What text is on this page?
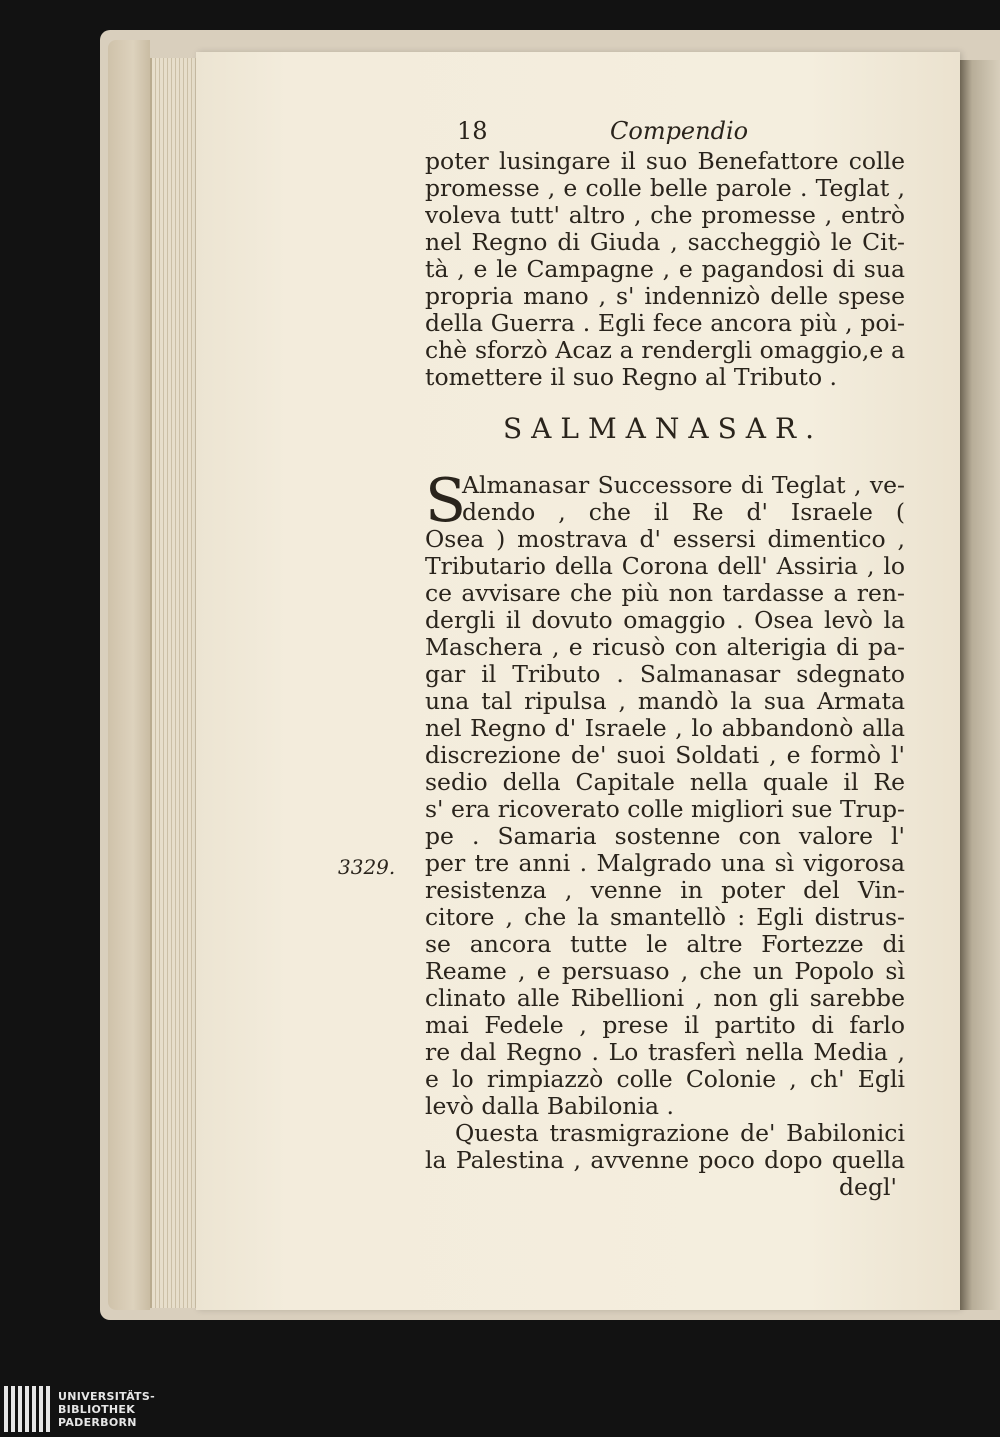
18	Compendio
poter lusingare il suo Benefattore colle
promesse , e colle belle parole . Teglat ,
voleva tutt' altro , che promesse , entrò
nel Regno di Giuda , saccheggiò le Cit-
tà , e le Campagne , e pagandosi di sua
propria mano , s' indennizò delle spese
della Guerra . Egli fece ancora più , poi-
chè sforzò Acaz a rendergli omaggio,e a
tomettere il suo Regno al Tributo .
SALMANASAR.
S
Almanasar Successore di Teglat , ve-
dendo , che il Re d' Israele (
Osea ) mostrava d' essersi dimentico ,
Tributario della Corona dell' Assiria , lo
ce avvisare che più non tardasse a ren-
dergli il dovuto omaggio . Osea levò la
Maschera , e ricusò con alterigia di pa-
gar il Tributo . Salmanasar sdegnato
una tal ripulsa , mandò la sua Armata
nel Regno d' Israele , lo abbandonò alla
discrezione de' suoi Soldati , e formò l'
sedio della Capitale nella quale il Re
s' era ricoverato colle migliori sue Trup-
pe . Samaria sostenne con valore l'
per tre anni . Malgrado una sì vigorosa
resistenza , venne in poter del Vin-
citore , che la smantellò : Egli distrus-
se ancora tutte le altre Fortezze di
Reame , e persuaso , che un Popolo sì
clinato alle Ribellioni , non gli sarebbe
mai Fedele , prese il partito di farlo
re dal Regno . Lo trasferì nella Media ,
e lo rimpiazzò colle Colonie , ch' Egli
levò dalla Babilonia .
Questa trasmigrazione de' Babilonici
la Palestina , avvenne poco dopo quella
degl'
3329.
UNIVERSITÄTS-
BIBLIOTHEK
PADERBORN
